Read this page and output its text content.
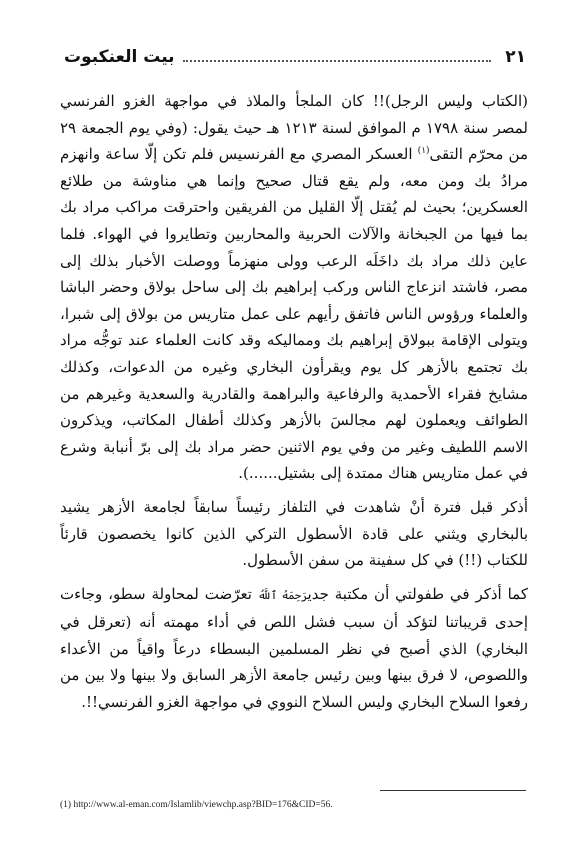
٢١
بيت العنكبوت

(الكتاب وليس الرجل)!! كان الملجأ والملاذ في مواجهة الغزو الفرنسي لمصر سنة ١٧٩٨ م الموافق لسنة ١٢١٣ هـ حيث يقول: (وفي يوم الجمعة ٢٩ من محرّم التقى$^{(١)}$ العسكر المصري مع الفرنسيس فلم تكن إلّا ساعة وانهزم مرادُ بك ومن معه، ولم يقع قتال صحيح وإنما هي مناوشة من طلائع العسكرين؛ بحيث لم يُقتل إلّا القليل من الفريقين واحترقت مراكب مراد بك بما فيها من الجبخانة والآلات الحربية والمحاربين وتطايروا في الهواء. فلما عاين ذلك مراد بك داخَلَه الرعب وولى منهزماً ووصلت الأخبار بذلك إلى مصر، فاشتد انزعاج الناس وركب إبراهيم بك إلى ساحل بولاق وحضر الباشا والعلماء ورؤوس الناس فاتفق رأيهم على عمل متاريس من بولاق إلى شبرا، ويتولى الإقامة ببولاق إبراهيم بك ومماليكه وقد كانت العلماء عند توجُّه مراد بك تجتمع بالأزهر كل يوم ويقرأون البخاري وغيره من الدعوات، وكذلك مشايخ فقراء الأحمدية والرفاعية والبراهمة والقادرية والسعدية وغيرهم من الطوائف ويعملون لهم مجالسَ بالأزهر وكذلك أطفال المكاتب، ويذكرون الاسم اللطيف وغير من وفي يوم الاثنين حضر مراد بك إلى برّ أنبابة وشرع في عمل متاريس هناك ممتدة إلى بشتيل......).

أذكر قبل فترة أنْ شاهدت في التلفاز رئيساً سابقاً لجامعة الأزهر يشيد بالبخاري ويثني على قادة الأسطول التركي الذين كانوا يخصصون قارئاً للكتاب (!!) في كل سفينة من سفن الأسطول.

كما أذكر في طفولتي أن مكتبة جديرَحِمَهُ ٱللَّهُ تعرّضت لمحاولة سطو، وجاءت إحدى قريباتنا لتؤكد أن سبب فشل اللص في أداء مهمته أنه (تعرقل في البخاري) الذي أصبح في نظر المسلمين البسطاء درعاً واقياً من الأعداء واللصوص، لا فرق بينها وبين رئيس جامعة الأزهر السابق ولا بينها ولا بين من رفعوا السلاح البخاري وليس السلاح النووي في مواجهة الغزو الفرنسي!!.

(1) http://www.al-eman.com/Islamlib/viewchp.asp?BID=176&CID=56.
